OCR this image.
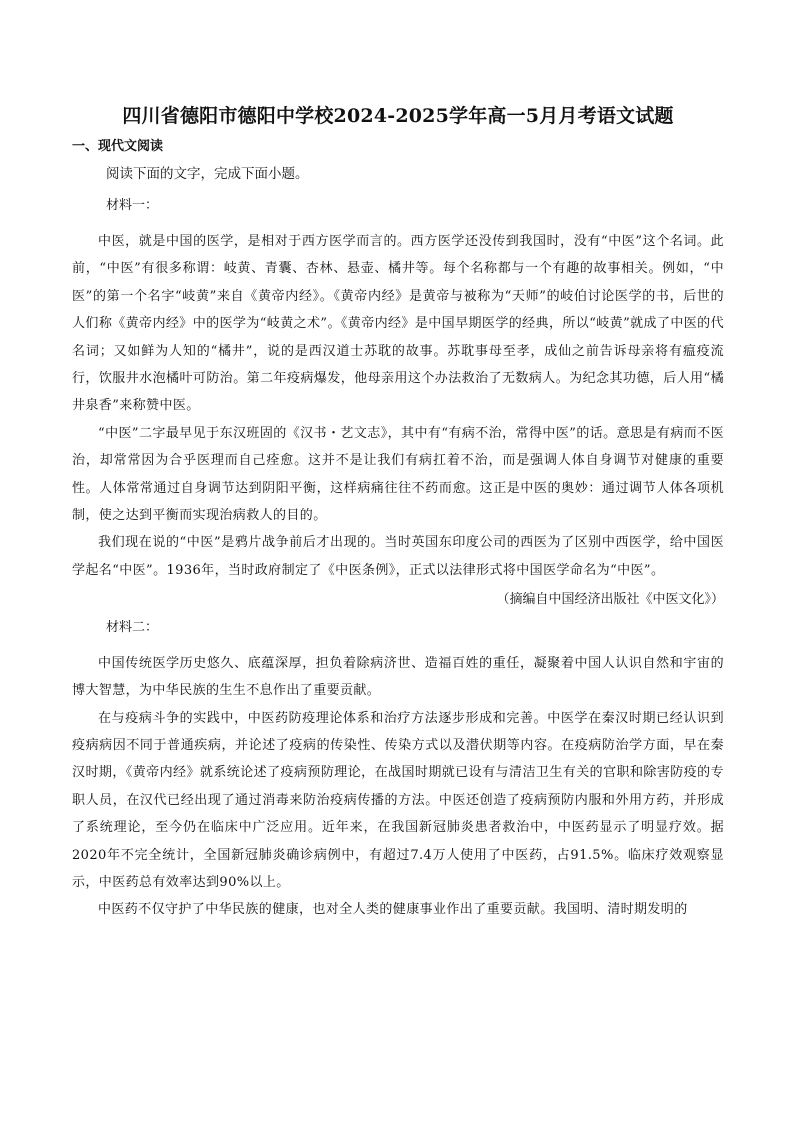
四川省德阳市德阳中学校2024-2025学年高一5月月考语文试题
一、现代文阅读
阅读下面的文字，完成下面小题。
材料一：

中医，就是中国的医学，是相对于西方医学而言的。西方医学还没传到我国时，没有“中医”这个名词。此前，“中医”有很多称谓：岐黄、青囊、杏林、悬壶、橘井等。每个名称都与一个有趣的故事相关。例如，“中医”的第一个名字“岐黄”来自《黄帝内经》。《黄帝内经》是黄帝与被称为“天师”的岐伯讨论医学的书，后世的人们称《黄帝内经》中的医学为“岐黄之术”。《黄帝内经》是中国早期医学的经典，所以“岐黄”就成了中医的代名词；又如鲜为人知的“橘井”，说的是西汉道士苏耽的故事。苏耽事母至孝，成仙之前告诉母亲将有瘟疫流行，饮服井水泡橘叶可防治。第二年疫病爆发，他母亲用这个办法救治了无数病人。为纪念其功德，后人用“橘井泉香”来称赞中医。

“中医”二字最早见于东汉班固的《汉书・艺文志》，其中有“有病不治，常得中医”的话。意思是有病而不医治，却常常因为合乎医理而自己痊愈。这并不是让我们有病扛着不治，而是强调人体自身调节对健康的重要性。人体常常通过自身调节达到阴阳平衡，这样病痛往往不药而愈。这正是中医的奥妙：通过调节人体各项机制，使之达到平衡而实现治病救人的目的。

我们现在说的“中医”是鸦片战争前后才出现的。当时英国东印度公司的西医为了区别中西医学，给中国医学起名“中医”。1936年，当时政府制定了《中医条例》，正式以法律形式将中国医学命名为“中医”。

（摘编自中国经济出版社《中医文化》）
材料二：

中国传统医学历史悠久、底蕴深厚，担负着除病济世、造福百姓的重任，凝聚着中国人认识自然和宇宙的博大智慧，为中华民族的生生不息作出了重要贡献。

在与疫病斗争的实践中，中医药防疫理论体系和治疗方法逐步形成和完善。中医学在秦汉时期已经认识到疫病病因不同于普通疾病，并论述了疫病的传染性、传染方式以及潜伏期等内容。在疫病防治学方面，早在秦汉时期，《黄帝内经》就系统论述了疫病预防理论，在战国时期就已设有与清洁卫生有关的官职和除害防疫的专职人员，在汉代已经出现了通过消毒来防治疫病传播的方法。中医还创造了疫病预防内服和外用方药，并形成了系统理论，至今仍在临床中广泛应用。近年来，在我国新冠肺炎患者救治中，中医药显示了明显疗效。据2020年不完全统计，全国新冠肺炎确诊病例中，有超过7.4万人使用了中医药，占91.5%。临床疗效观察显示，中医药总有效率达到90%以上。

中医药不仅守护了中华民族的健康，也对全人类的健康事业作出了重要贡献。我国明、清时期发明的
